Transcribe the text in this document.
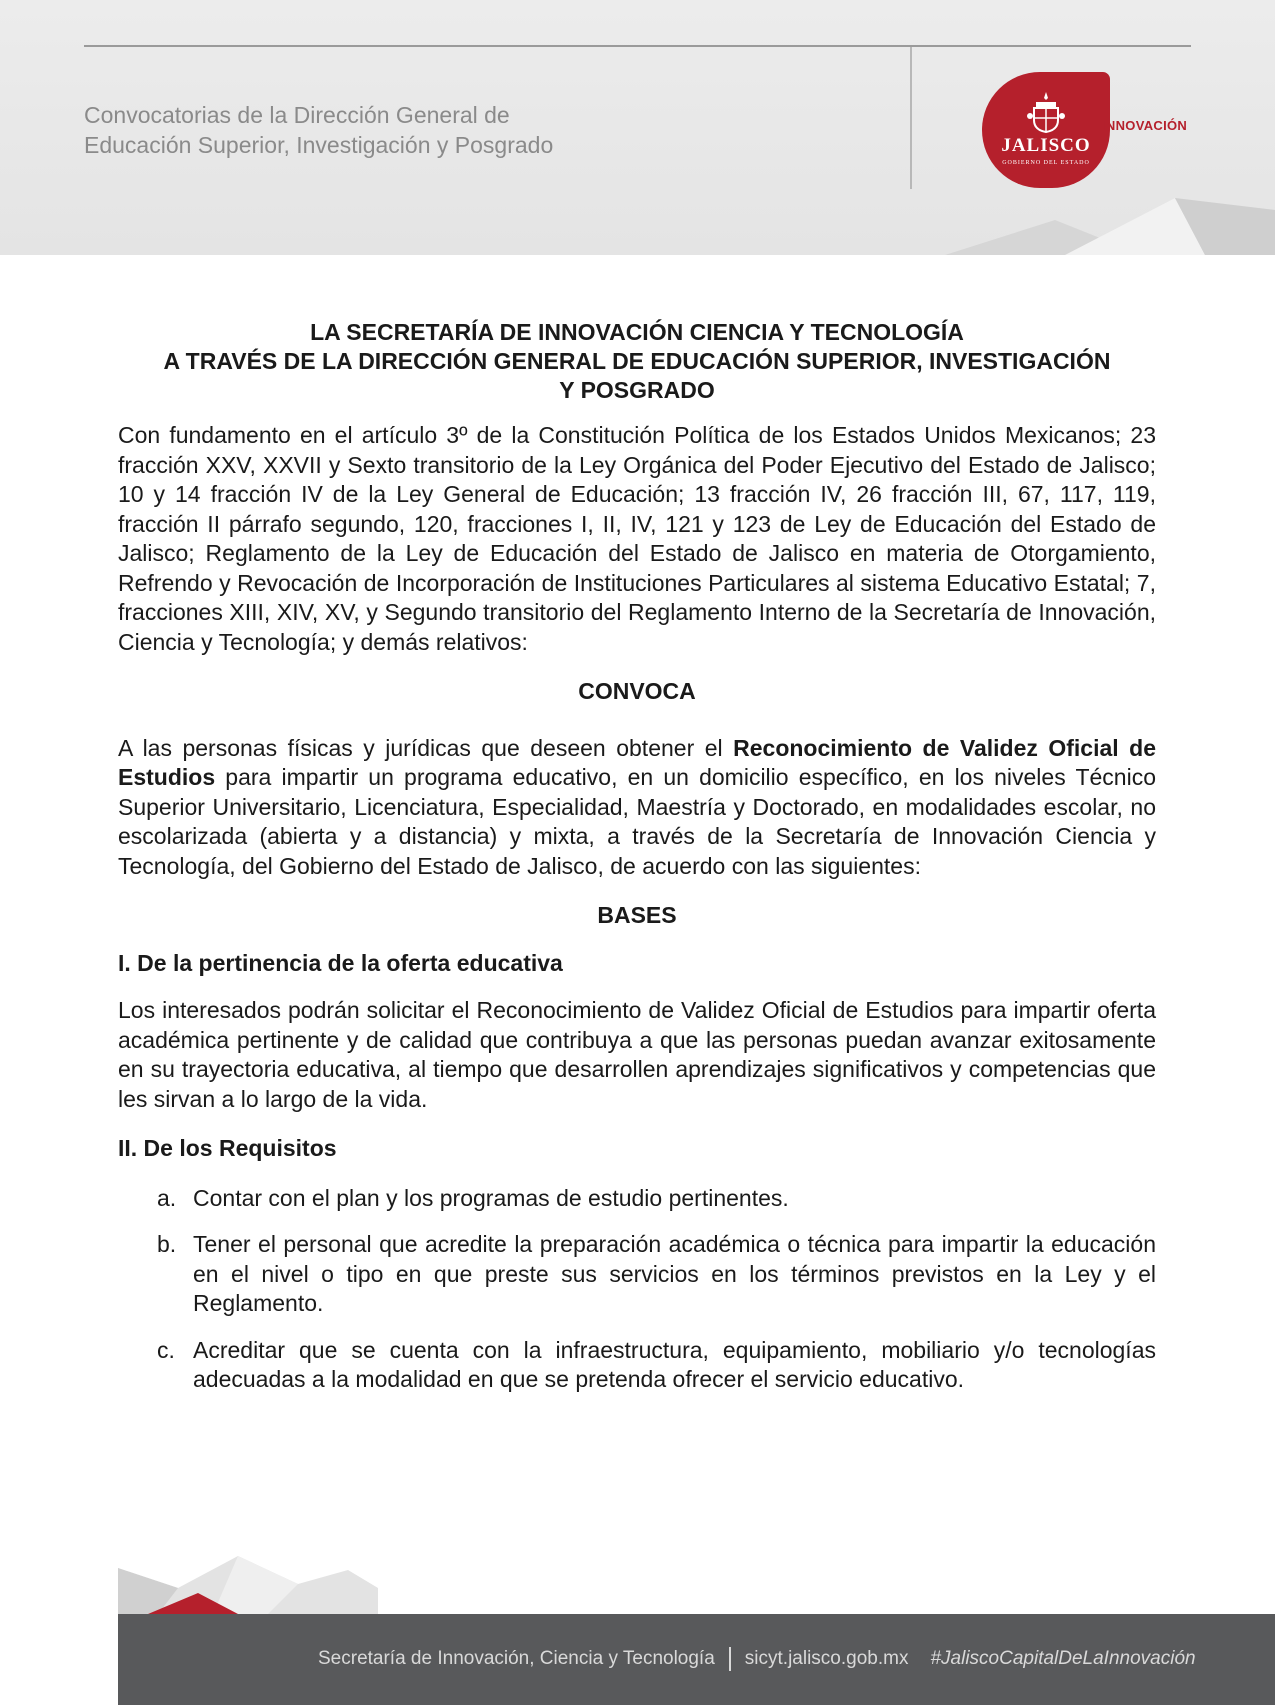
Convocatorias de la Dirección General de
Educación Superior, Investigación y Posgrado	JALISCO
GOBIERNO DEL ESTADO
INNOVACIÓN
LA SECRETARÍA DE INNOVACIÓN CIENCIA Y TECNOLOGÍA
A TRAVÉS DE LA DIRECCIÓN GENERAL DE EDUCACIÓN SUPERIOR, INVESTIGACIÓN
Y POSGRADO

Con fundamento en el artículo 3º de la Constitución Política de los Estados Unidos Mexicanos; 23 fracción XXV, XXVII y Sexto transitorio de la Ley Orgánica del Poder Ejecutivo del Estado de Jalisco; 10 y 14 fracción IV de la Ley General de Educación; 13 fracción IV, 26 fracción III, 67, 117, 119, fracción II párrafo segundo, 120, fracciones I, II, IV, 121 y 123 de Ley de Educación del Estado de Jalisco; Reglamento de la Ley de Educación del Estado de Jalisco en materia de Otorgamiento, Refrendo y Revocación de Incorporación de Instituciones Particulares al sistema Educativo Estatal; 7, fracciones XIII, XIV, XV, y Segundo transitorio del Reglamento Interno de la Secretaría de Innovación, Ciencia y Tecnología; y demás relativos:

CONVOCA

A las personas físicas y jurídicas que deseen obtener el Reconocimiento de Validez Oficial de Estudios para impartir un programa educativo, en un domicilio específico, en los niveles Técnico Superior Universitario, Licenciatura, Especialidad, Maestría y Doctorado, en modalidades escolar, no escolarizada (abierta y a distancia) y mixta, a través de la Secretaría de Innovación Ciencia y Tecnología, del Gobierno del Estado de Jalisco, de acuerdo con las siguientes:

BASES
I. De la pertinencia de la oferta educativa

Los interesados podrán solicitar el Reconocimiento de Validez Oficial de Estudios para impartir oferta académica pertinente y de calidad que contribuya a que las personas puedan avanzar exitosamente en su trayectoria educativa, al tiempo que desarrollen aprendizajes significativos y competencias que les sirvan a lo largo de la vida.

II. De los Requisitos
a. Contar con el plan y los programas de estudio pertinentes.
b. Tener el personal que acredite la preparación académica o técnica para impartir la educación en el nivel o tipo en que preste sus servicios en los términos previstos en la Ley y el Reglamento.
c. Acreditar que se cuenta con la infraestructura, equipamiento, mobiliario y/o tecnologías adecuadas a la modalidad en que se pretenda ofrecer el servicio educativo.
Secretaría de Innovación, Ciencia y Tecnología sicyt.jalisco.gob.mx #JaliscoCapitalDeLaInnovación
